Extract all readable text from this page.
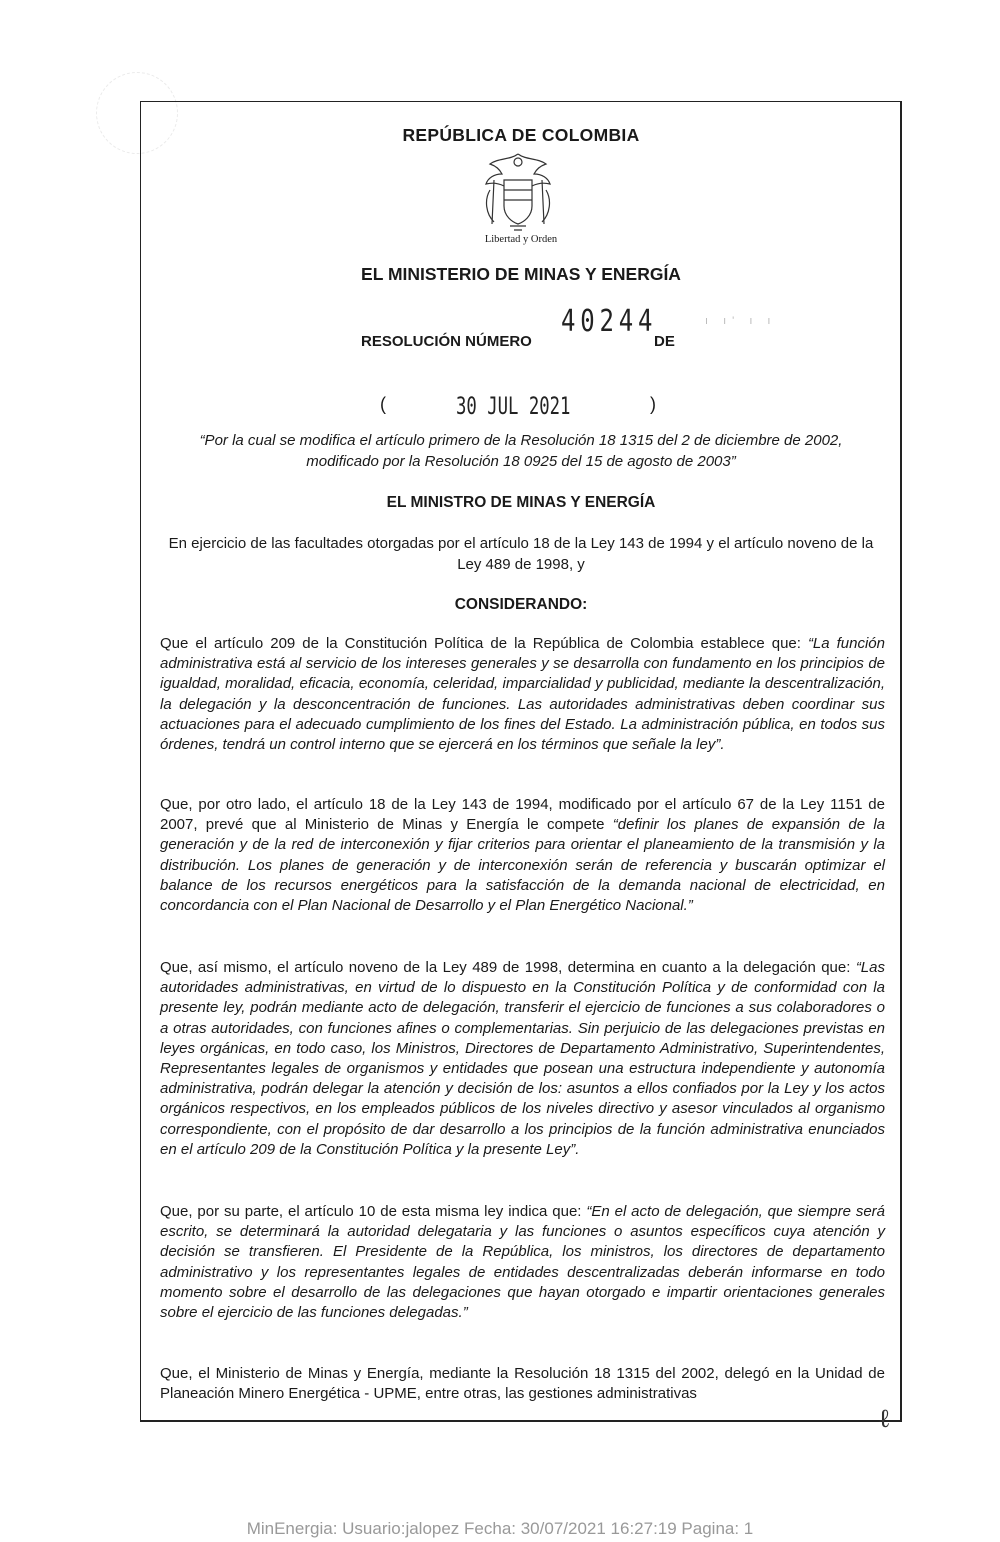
REPÚBLICA DE COLOMBIA
Libertad y Orden
EL MINISTERIO DE MINAS Y ENERGÍA
RESOLUCIÓN NÚMERO
40244
DE
ı ı' ı ı
(	30 JUL 2021	)
“Por la cual se modifica el artículo primero de la Resolución 18 1315 del 2 de diciembre de 2002, modificado por la Resolución 18 0925 del 15 de agosto de 2003”
EL MINISTRO DE MINAS Y ENERGÍA
En ejercicio de las facultades otorgadas por el artículo 18 de la Ley 143 de 1994 y el artículo noveno de la Ley 489 de 1998, y
CONSIDERANDO:
Que el artículo 209 de la Constitución Política de la República de Colombia establece que: “La función administrativa está al servicio de los intereses generales y se desarrolla con fundamento en los principios de igualdad, moralidad, eficacia, economía, celeridad, imparcialidad y publicidad, mediante la descentralización, la delegación y la desconcentración de funciones. Las autoridades administrativas deben coordinar sus actuaciones para el adecuado cumplimiento de los fines del Estado. La administración pública, en todos sus órdenes, tendrá un control interno que se ejercerá en los términos que señale la ley”.
Que, por otro lado, el artículo 18 de la Ley 143 de 1994, modificado por el artículo 67 de la Ley 1151 de 2007, prevé que al Ministerio de Minas y Energía le compete “definir los planes de expansión de la generación y de la red de interconexión y fijar criterios para orientar el planeamiento de la transmisión y la distribución. Los planes de generación y de interconexión serán de referencia y buscarán optimizar el balance de los recursos energéticos para la satisfacción de la demanda nacional de electricidad, en concordancia con el Plan Nacional de Desarrollo y el Plan Energético Nacional.”
Que, así mismo, el artículo noveno de la Ley 489 de 1998, determina en cuanto a la delegación que: “Las autoridades administrativas, en virtud de lo dispuesto en la Constitución Política y de conformidad con la presente ley, podrán mediante acto de delegación, transferir el ejercicio de funciones a sus colaboradores o a otras autoridades, con funciones afines o complementarias. Sin perjuicio de las delegaciones previstas en leyes orgánicas, en todo caso, los Ministros, Directores de Departamento Administrativo, Superintendentes, Representantes legales de organismos y entidades que posean una estructura independiente y autonomía administrativa, podrán delegar la atención y decisión de los: asuntos a ellos confiados por la Ley y los actos orgánicos respectivos, en los empleados públicos de los niveles directivo y asesor vinculados al organismo correspondiente, con el propósito de dar desarrollo a los principios de la función administrativa enunciados en el artículo 209 de la Constitución Política y la presente Ley”.
Que, por su parte, el artículo 10 de esta misma ley indica que: “En el acto de delegación, que siempre será escrito, se determinará la autoridad delegataria y las funciones o asuntos específicos cuya atención y decisión se transfieren. El Presidente de la República, los ministros, los directores de departamento administrativo y los representantes legales de entidades descentralizadas deberán informarse en todo momento sobre el desarrollo de las delegaciones que hayan otorgado e impartir orientaciones generales sobre el ejercicio de las funciones delegadas.”
Que, el Ministerio de Minas y Energía, mediante la Resolución 18 1315 del 2002, delegó en la Unidad de Planeación Minero Energética - UPME, entre otras, las gestiones administrativas
ℓ
MinEnergia: Usuario:jalopez Fecha: 30/07/2021 16:27:19 Pagina: 1
